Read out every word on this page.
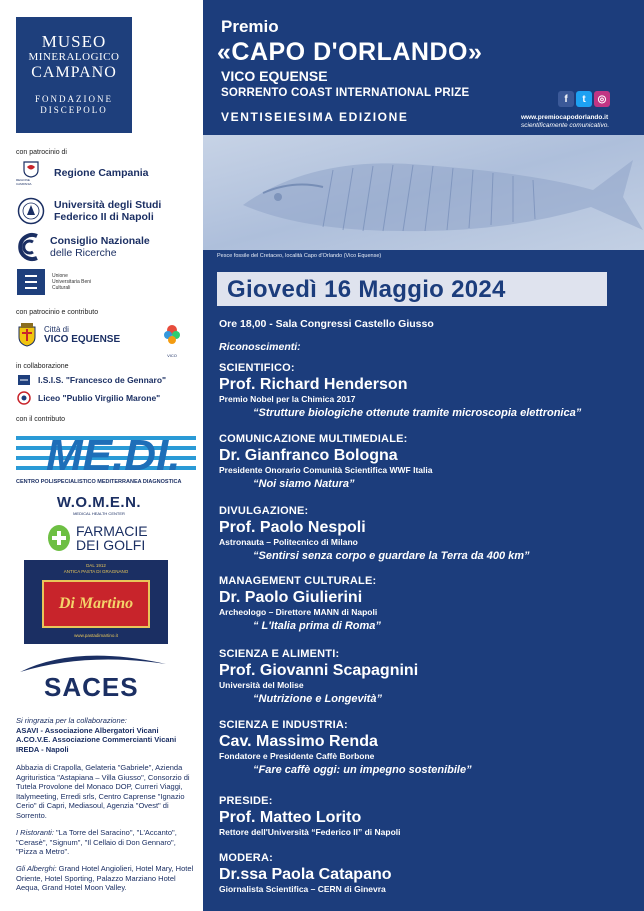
MUSEO
MINERALOGICO
CAMPANO
FONDAZIONE
DISCEPOLO
con patrocinio di
REGIONE CAMPANIA
Regione Campania
Università degli Studi Federico II di Napoli
Consiglio Nazionale
delle Ricerche
Unione Universitaria Beni Culturali
con patrocinio e contributo
Città di
VICO EQUENSE
VICO
in collaborazione
I.S.I.S. "Francesco de Gennaro"
Liceo "Publio Virgilio Marone"
con il contributo
ME.DI.
CENTRO POLISPECIALISTICO MEDITERRANEA DIAGNOSTICA
W.O.M.E.N.
MEDICAL HEALTH CENTER
FARMACIE
DEI GOLFI
DAL 1912
ANTICA PASTA DI GRAGNANO
Di Martino
www.pastadimartino.it
SACES
Si ringrazia per la collaborazione:
ASAVI - Associazione Albergatori Vicani
A.CO.V.E. Associazione Commercianti Vicani
IREDA - Napoli
Abbazia di Crapolla, Gelateria "Gabriele", Azienda Agrituristica "Astapiana – Villa Giusso", Consorzio di Tutela Provolone del Monaco DOP, Curreri Viaggi, Italymeeting, Erredi srls, Centro Caprense "Ignazio Cerio" di Capri, Mediasoul, Agenzia "Ovest" di Sorrento.
I Ristoranti: "La Torre del Saracino", "L'Accanto", "Cerasè", "Signum", "Il Cellaio di Don Gennaro", "Pizza a Metro".
Gli Alberghi: Grand Hotel Angiolieri, Hotel Mary, Hotel Oriente, Hotel Sporting, Palazzo Marziano Hotel Aequa, Grand Hotel Moon Valley.
Premio
«CAPO D'ORLANDO»
VICO EQUENSE
SORRENTO COAST INTERNATIONAL PRIZE
VENTISEIESIMA EDIZIONE
f	t	◎
www.premiocapodorlando.it
scientificamente comunicativo.
Pesce fossile del Cretaceo, località Capo d'Orlando (Vico Equense)
Giovedì 16 Maggio 2024
Ore 18,00 - Sala Congressi Castello Giusso
Riconoscimenti:
SCIENTIFICO:
Prof. Richard Henderson
Premio Nobel per la Chimica 2017
“Strutture biologiche ottenute tramite microscopia elettronica”
COMUNICAZIONE MULTIMEDIALE:
Dr. Gianfranco Bologna
Presidente Onorario Comunità Scientifica WWF Italia
“Noi siamo Natura”
DIVULGAZIONE:
Prof. Paolo Nespoli
Astronauta – Politecnico di Milano
“Sentirsi senza corpo e guardare la Terra da 400 km”
MANAGEMENT CULTURALE:
Dr. Paolo Giulierini
Archeologo – Direttore MANN di Napoli
“ L'Italia prima di Roma”
SCIENZA E ALIMENTI:
Prof. Giovanni Scapagnini
Università del Molise
“Nutrizione e Longevità”
SCIENZA E INDUSTRIA:
Cav. Massimo Renda
Fondatore e Presidente Caffè Borbone
“Fare caffè oggi: un impegno sostenibile”
PRESIDE:
Prof. Matteo Lorito
Rettore dell'Università “Federico II” di Napoli
MODERA:
Dr.ssa Paola Catapano
Giornalista Scientifica – CERN di Ginevra
